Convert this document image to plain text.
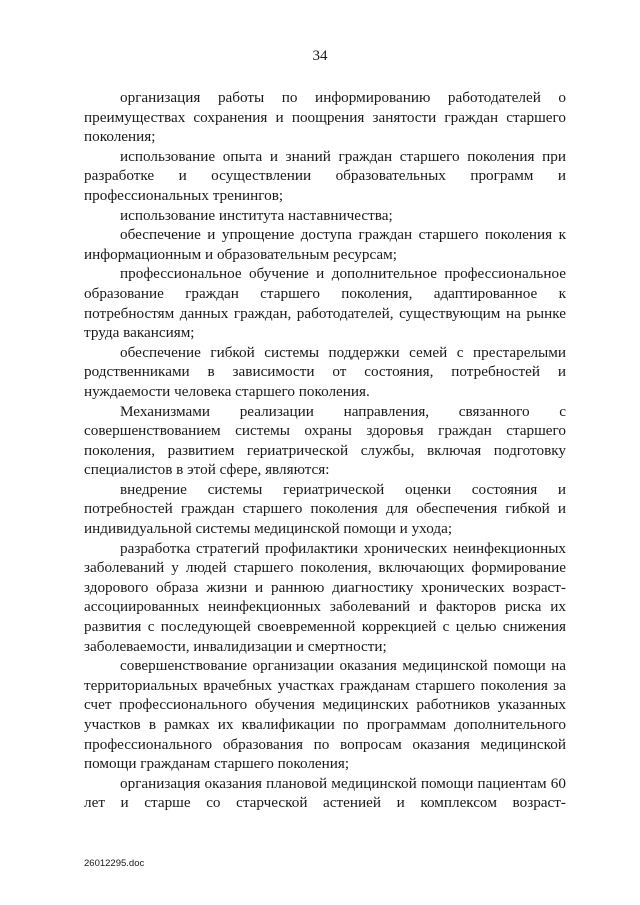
34

организация работы по информированию работодателей о преимуществах сохранения и поощрения занятости граждан старшего поколения;

использование опыта и знаний граждан старшего поколения при разработке и осуществлении образовательных программ и профессиональных тренингов;

использование института наставничества;

обеспечение и упрощение доступа граждан старшего поколения к информационным и образовательным ресурсам;

профессиональное обучение и дополнительное профессиональное образование граждан старшего поколения, адаптированное к потребностям данных граждан, работодателей, существующим на рынке труда вакансиям;

обеспечение гибкой системы поддержки семей с престарелыми родственниками в зависимости от состояния, потребностей и нуждаемости человека старшего поколения.

Механизмами реализации направления, связанного с совершенствованием системы охраны здоровья граждан старшего поколения, развитием гериатрической службы, включая подготовку специалистов в этой сфере, являются:

внедрение системы гериатрической оценки состояния и потребностей граждан старшего поколения для обеспечения гибкой и индивидуальной системы медицинской помощи и ухода;

разработка стратегий профилактики хронических неинфекционных заболеваний у людей старшего поколения, включающих формирование здорового образа жизни и раннюю диагностику хронических возраст-ассоциированных неинфекционных заболеваний и факторов риска их развития с последующей своевременной коррекцией с целью снижения заболеваемости, инвалидизации и смертности;

совершенствование организации оказания медицинской помощи на территориальных врачебных участках гражданам старшего поколения за счет профессионального обучения медицинских работников указанных участков в рамках их квалификации по программам дополнительного профессионального образования по вопросам оказания медицинской помощи гражданам старшего поколения;

организация оказания плановой медицинской помощи пациентам 60 лет и старше со старческой астенией и комплексом возраст-

26012295.doc
